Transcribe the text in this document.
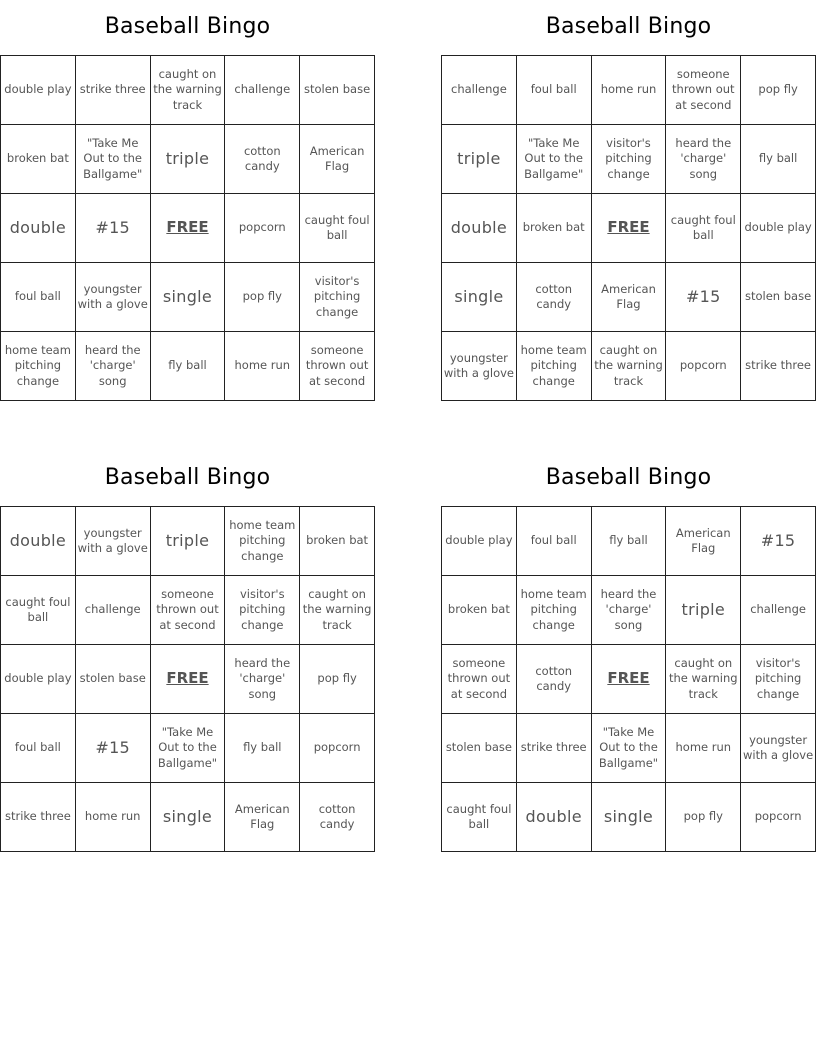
Baseball Bingo
double play	strike three	caught on the warning track	challenge	stolen base
broken bat	"Take Me Out to the Ballgame"	triple	cotton candy	American Flag
double	#15	FREE	popcorn	caught foul ball
foul ball	youngster with a glove	single	pop fly	visitor's pitching change
home team pitching change	heard the 'charge' song	fly ball	home run	someone thrown out at second
Baseball Bingo
challenge	foul ball	home run	someone thrown out at second	pop fly
triple	"Take Me Out to the Ballgame"	visitor's pitching change	heard the 'charge' song	fly ball
double	broken bat	FREE	caught foul ball	double play
single	cotton candy	American Flag	#15	stolen base
youngster with a glove	home team pitching change	caught on the warning track	popcorn	strike three
Baseball Bingo
double	youngster with a glove	triple	home team pitching change	broken bat
caught foul ball	challenge	someone thrown out at second	visitor's pitching change	caught on the warning track
double play	stolen base	FREE	heard the 'charge' song	pop fly
foul ball	#15	"Take Me Out to the Ballgame"	fly ball	popcorn
strike three	home run	single	American Flag	cotton candy
Baseball Bingo
double play	foul ball	fly ball	American Flag	#15
broken bat	home team pitching change	heard the 'charge' song	triple	challenge
someone thrown out at second	cotton candy	FREE	caught on the warning track	visitor's pitching change
stolen base	strike three	"Take Me Out to the Ballgame"	home run	youngster with a glove
caught foul ball	double	single	pop fly	popcorn
